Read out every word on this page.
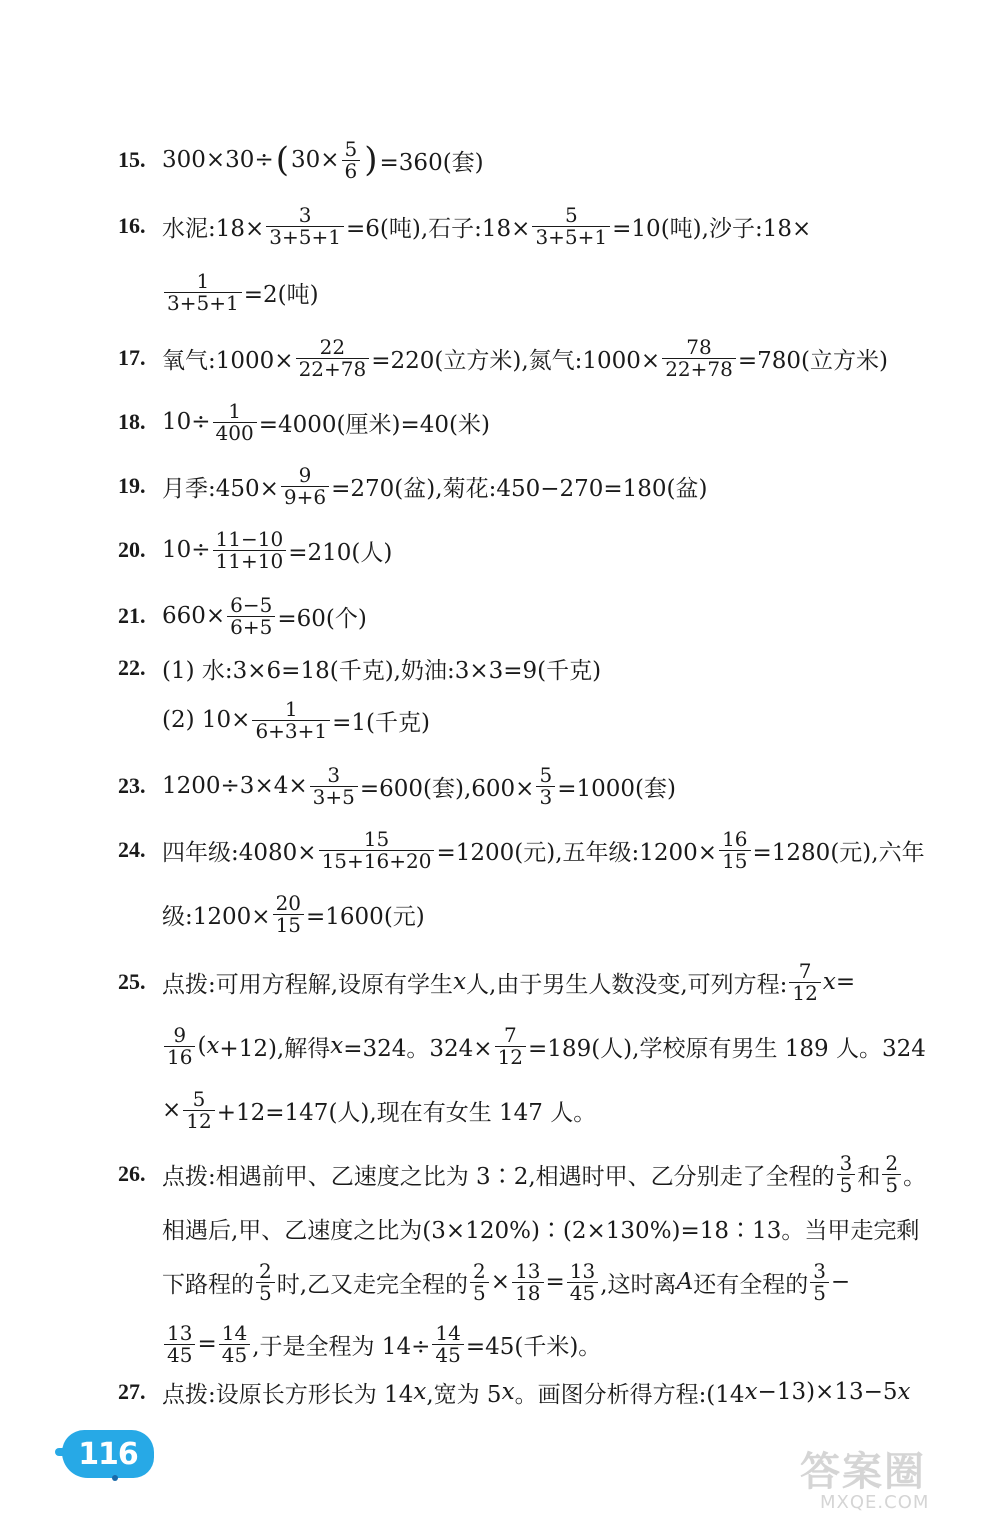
15. 300×30÷ ( $30\times \frac{5}{6}$ ) =360(套)
16. 水泥:18× $\frac{3}{3+5+1} =6$(吨),石子:18× $\frac{5}{3+5+1} =10$(吨),沙子:18×
$\frac{1}{3+5+1} =2$(吨)
17. 氧气:1000× $\frac{22}{22+78} =220$(立方米),氮气:1000× $\frac{78}{22+78} =780$(立方米)
18. $10\div \frac{1}{400} =4000$(厘米)=40(米)
19. 月季:450× $\frac{9}{9+6} =270$(盆),菊花:450−270=180(盆)
20. $10\div \frac{11-10}{11+10} =210$(人)
21. $660\times \frac{6-5}{6+5} =60$(个)
22. (1) 水:3×6=18(千克),奶油:3×3=9(千克)
(2) $10\times \frac{1}{6+3+1} =1$(千克)
23. $1200\div 3\times 4\times \frac{3}{3+5} =600$(套)$,600\times \frac{5}{3} =1000$(套)
24. 四年级:4080× $\frac{15}{15+16+20} =1200$(元),五年级:1200× $\frac{16}{15} =1280$(元),六年
级:1200× $\frac{20}{15} =1600$(元)
25. 点拨:可用方程解,设原有学生 x 人,由于男生人数没变,可列方程: $\frac{7}{12}$ x =
$\frac{9}{16}$ ( x +12),解得 x =324。$324\times \frac{7}{12} =189$(人),学校原有男生 189 人。324
× $\frac{5}{12} +12=147$(人),现在有女生 147 人。
26. 点拨:相遇前甲、乙速度之比为 3∶2,相遇时甲、乙分别走了全程的 $\frac{3}{5}$ 和 $\frac{2}{5}$ 。
相遇后,甲、乙速度之比为(3×120%)∶(2×130%)=18∶13。当甲走完剩
下路程的 $\frac{2}{5}$ 时,乙又走完全程的 $\frac{2}{5} \times \frac{13}{18} = \frac{13}{45}$ ,这时离 A 还有全程的 $\frac{3}{5}$ −
$\frac{13}{45} = \frac{14}{45}$ ,于是全程为 $14\div \frac{14}{45} =45$(千米)。
27. 点拨:设原长方形长为 14 x ,宽为 5 x 。画图分析得方程:(14 x −13)×13−5 x
116	答案圈
MXQE.COM
